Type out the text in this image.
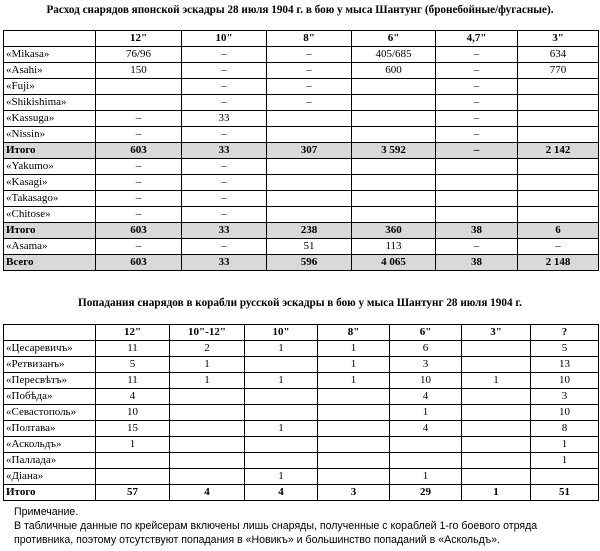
Расход снарядов японской эскадры 28 июля 1904 г. в бою у мыса Шантунг (бронебойные/фугасные).
	12"	10"	8"	6"	4,7"	3"
«Mikasa»	76/96	–	–	405/685	–	634
«Asahi»	150	–	–	600	–	770
«Fuji»		–	–		–	
«Shikishima»		–	–		–	
«Kassuga»	–	33			–	
«Nissin»	–	–			–	
Итого	603	33	307	3 592	–	2 142
«Yakumo»	–	–				
«Kasagi»	–	–				
«Takasago»	–	–				
«Chitose»	–	–				
Итого	603	33	238	360	38	6
«Asama»	–	–	51	113	–	–
Всего	603	33	596	4 065	38	2 148
Попадания снарядов в корабли русской эскадры в бою у мыса Шантунг 28 июля 1904 г.
	12"	10"-12"	10"	8"	6"	3"	?
«Цесаревичъ»	11	2	1	1	6		5
«Ретвизанъ»	5	1		1	3		13
«Пересвѣтъ»	11	1	1	1	10	1	10
«Побѣда»	4				4		3
«Севастополь»	10				1		10
«Полтава»	15		1		4		8
«Аскольдъ»	1						1
«Паллада»							1
«Діана»			1		1		
Итого	57	4	4	3	29	1	51
Примечание.
В табличные данные по крейсерам включены лишь снаряды, полученные с кораблей 1-го боевого отряда
противника, поэтому отсутствуют попадания в «Новикъ» и большинство попаданий в «Аскольдъ».
